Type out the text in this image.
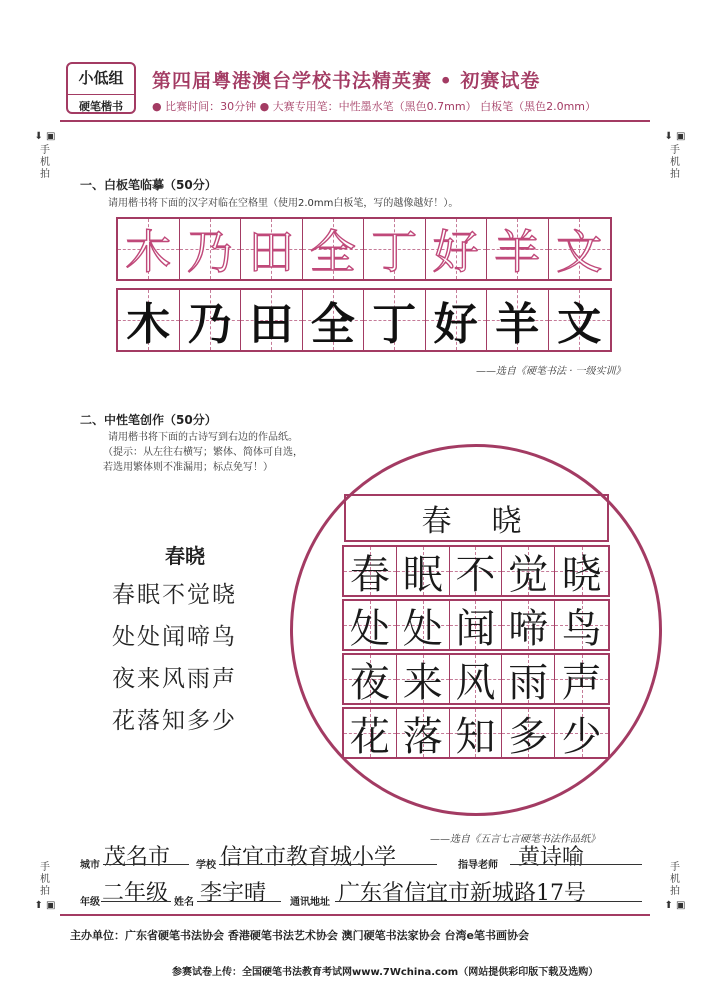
小低组
硬笔楷书
第四届粤港澳台学校书法精英赛 • 初赛试卷
● 比赛时间：30分钟 ● 大赛专用笔：中性墨水笔（黑色0.7mm） 白板笔（黑色2.0mm）
⬇ ▣
手机拍
⬇ ▣
手机拍
手机拍
⬆ ▣
手机拍
⬆ ▣
一、白板笔临摹（50分）
请用楷书将下面的汉字对临在空格里（使用2.0mm白板笔，写的越像越好！）。
木 乃 田 全 丁 好 羊 文
木 乃 田 全 丁 好 羊 文
——选自《硬笔书法 · 一级实训》
二、中性笔创作（50分）
请用楷书将下面的古诗写到右边的作品纸。
（提示：从左往右横写；繁体、简体可自选，
若选用繁体则不准漏用；标点免写！）
春晓
春眠不觉晓
处处闻啼鸟
夜来风雨声
花落知多少
春晓
春 眠 不 觉 晓
处 处 闻 啼 鸟
夜 来 风 雨 声
花 落 知 多 少
——选自《五言七言硬笔书法作品纸》
城市 茂名市	学校 信宜市教育城小学	指导老师 黄诗喻
年级 二年级 姓名 李宇晴 通讯地址 广东省信宜市新城路17号
主办单位：广东省硬笔书法协会 香港硬笔书法艺术协会 澳门硬笔书法家协会 台湾e笔书画协会
参赛试卷上传：全国硬笔书法教育考试网www.7Wchina.com（网站提供彩印版下载及选购）
